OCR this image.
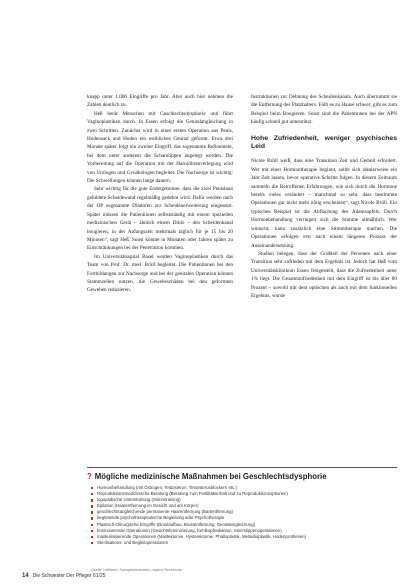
knapp unter 1.000 Eingriffe pro Jahr. Aber auch hier nehmen die Zahlen deutlich zu.

Heß berät Menschen mit Geschlechtsdysphorie und führt Vaginoplastiken durch. In Essen erfolgt die Genitalangleichung in zwei Schritten. Zunächst wird in einer ersten Operation aus Penis, Hodensack und Hoden ein weibliches Genital geformt. Etwa drei Monate später folgt ein zweiter Eingriff, das sogenannte Refinement, bei dem unter anderem die Schamlippen angelegt werden. Die Vorbereitung auf die Operation mit der Harnröhrenverlegung wird von Urologen und Gynäkologen begleitet. Die Nachsorge ist wichtig: Die Schwellungen können lange dauern.

Sehr wichtig für die gute Endergebnisse, dass die zwei Penishaut gebildete Scheidewand regelmäßig gedehnt wird. Dafür werden nach der OP sogenannte Dilatoren zur Scheidenerweiterung eingesetzt. Später müssen die Patientinnen selbstständig mit einem speziellen medizinischen Gerät – ähnlich einem Dildo – den Scheidenkanal bougieren, in der Anfangszeit mehrmals täglich für je 15 bis 20 Minuten“, sagt Heß. Sonst könnte in Monaten oder Jahren später zu Einschränkungen bei der Penetration kommen.

Im Universitätsspital Basel werden Vaginoplastiken durch das Team von Prof. Dr. med. Brüll begleitet. Die Patientinnen bei den Fortbildungen zur Nachsorge und bei der genitalen Operation können Stammzellen nutzen, die Gewebeschäden bei den geformten Geweben reduzieren.

Instruktionen zur Dehnung des Scheidenkanals. Auch übernimmt sie die Entfernung des Platzhalters. Fällt es zu Hause schwer, gibt es zum Beispiel beim Bougieren. Sonst sind die Patientinnen bei der APN häufig schnell gut unterstützt.

Hohe Zufriedenheit, weniger psychisches Leid

Nicole Brüll weiß, dass eine Transition Zeit und Geduld erfordert. Wer mit einer Hormontherapie beginnt, sollte sich idealerweise ein Jahr Zeit lassen, bevor operative Schritte folgen. In diesem Zeitraum sammeln die Betroffenen Erfahrungen, wie sich durch die Hormone bereits vieles verändert – manchmal so sehr, dass bestimmte Operationen gar nicht mehr nötig erscheinen“, sagt Nicole Brüll. Ein typisches Beispiel ist die Abflachung des Adamsapfels. Durch Hormonbehandlung verringert sich die Stimme allmählich. Wer wünscht, kann zusätzlich eine Stimmtherapie machen. Die Operationen erfolgen erst nach einem längeren Prozess der Auseinandersetzung.

Studien belegen, dass der Großteil der Personen nach einer Transition sehr zufrieden mit dem Ergebnis ist. Jedoch hat Heß vom Universitätsklinikum Essen festgestellt, dass die Zufriedenheit unter 1% liegt. Die Gesamtzufriedenheit mit dem Eingriff ist bis über 80 Prozent – sowohl mit dem optischen als auch mit dem funktionellen Ergebnis, wurde

? Mögliche medizinische Maßnahmen bei Geschlechtsdysphorie
Hormonbehandlung (mit Östrogen, Testosteron, Testosteronblockern etc.)
Reproduktionsmedizinische Beratung (Beratung zum Fertilitätserhalt und zu Reproduktionsoptionen)
logopädische Unterstützung (Stimmtraining)
Epilation (Haarentfernung im Gesicht und am Körper)
geschlechtsangleichende permanente Haarentfernung (Bartentfernung)
begleitende psychotherapeutische Begleitung oder Psychotherapie
Plastisch-chirurgische Eingriffe (Brustaufbau, Brustentfernung, Genitalangleichung)
feminisierende Operationen (Gesichtsfeminisierung, Kehlkopfreduktion, Stimmlippenoperationen)
maskulinisierende Operationen (Mastektomie, Hysterektomie, Phalloplastik, Metaidioplastik, Hodenprothesen)
Sterilisations- und Begleitoperationen
Quelle: Leitlinien, Fachgesellschaften, eigene Recherche
14 Die Schwester Der Pfleger 61/25
